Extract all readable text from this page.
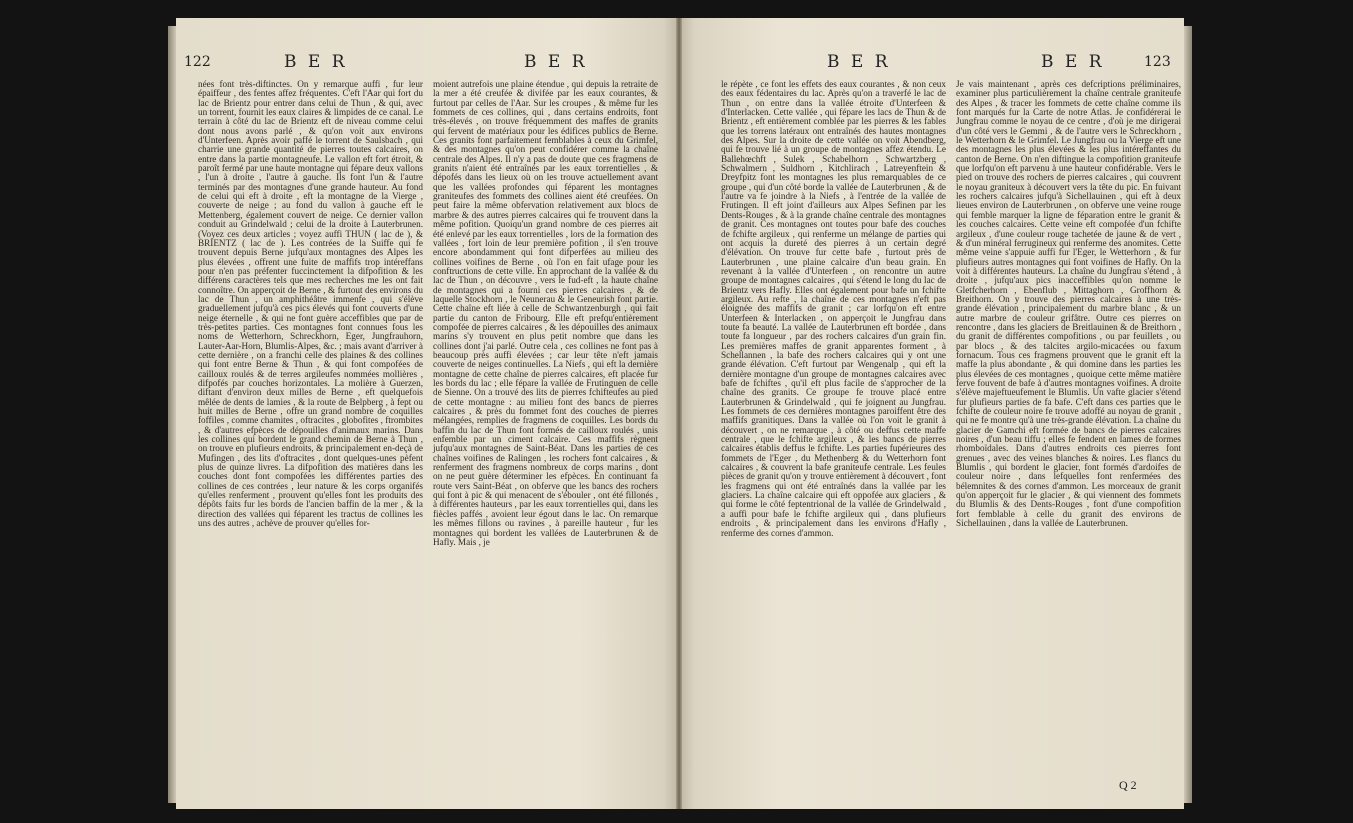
122	B E R	B E R
nées font très-diftinctes. On y remarque auffi , fur leur épaiffeur , des fentes affez fréquentes. C'eft l'Aar qui fort du lac de Brientz pour entrer dans celui de Thun , & qui, avec un torrent, fournit les eaux claires & limpides de ce canal. Le terrain à côté du lac de Brientz eft de niveau comme celui dont nous avons parlé , & qu'on voit aux environs d'Unterfeen. Après avoir paffé le torrent de Saulsbach , qui charrie une grande quantité de pierres toutes calcaires, on entre dans la partie montagneufe. Le vallon eft fort étroit, & paroît fermé par une haute montagne qui fépare deux vallons , l'un à droite , l'autre à gauche. Ils font l'un & l'autre terminés par des montagnes d'une grande hauteur. Au fond de celui qui eft à droite , eft la montagne de la Vierge , couverte de neige ; au fond du vallon à gauche eft le Mettenberg, également couvert de neige. Ce dernier vallon conduit au Grindelwald ; celui de la droite à Lauterbrunen. (Voyez ces deux articles ; voyez auffi THUN ( lac de ), & BRIENTZ ( lac de ). Les contrées de la Suiffe qui fe trouvent depuis Berne jufqu'aux montagnes des Alpes les plus élevées , offrent une fuite de maffifs trop intéreffans pour n'en pas préfenter fuccinctement la difpofition & les différens caractères tels que mes recherches me les ont fait connoître. On apperçoit de Berne , & furtout des environs du lac de Thun , un amphithéâtre immenfe , qui s'élève graduellement jufqu'à ces pics élevés qui font couverts d'une neige éternelle , & qui ne font guère acceffibles que par de très-petites parties. Ces montagnes font connues fous les noms de Wetterhorn, Schreckhorn, Eger, Jungfrauhorn, Lauter-Aar-Horn, Blumlis-Alpes, &c. ; mais avant d'arriver à cette dernière , on a franchi celle des plaines & des collines qui font entre Berne & Thun , & qui font compofées de cailloux roulés & de terres argileufes nommées mollières , difpofés par couches horizontales. La molière à Guerzen, diftant d'environ deux milles de Berne , eft quelquefois mêlée de dents de lamies , & la route de Belpberg , à fept ou huit milles de Berne , offre un grand nombre de coquilles foffiles , comme chamites , oftracites , globofites , ftrombites , & d'autres efpèces de dépouilles d'animaux marins. Dans les collines qui bordent le grand chemin de Berne à Thun , on trouve en plufieurs endroits, & principalement en-deçà de Mufingen , des lits d'oftracites , dont quelques-unes pèfent plus de quinze livres. La difpofition des matières dans les couches dont font compofées les différentes parties des collines de ces contrées , leur nature & les corps organifés qu'elles renferment , prouvent qu'elles font les produits des dépôts faits fur les bords de l'ancien baffin de la mer , & la direction des vallées qui féparent les tractus de collines les uns des autres , achève de prouver qu'elles for-
moient autrefois une plaine étendue , qui depuis la retraite de la mer a été creufée & divifée par les eaux courantes, & furtout par celles de l'Aar. Sur les croupes , & même fur les fommets de ces collines, qui , dans certains endroits, font très-élevés , on trouve fréquemment des maffes de granits qui fervent de matériaux pour les édifices publics de Berne. Ces granits font parfaitement femblables à ceux du Grimfel, & des montagnes qu'on peut confidérer comme la chaîne centrale des Alpes. Il n'y a pas de doute que ces fragmens de granits n'aient été entraînés par les eaux torrentielles , & dépofés dans les lieux où on les trouve actuellement avant que les vallées profondes qui féparent les montagnes graniteufes des fommets des collines aient été creufées. On peut faire la même obfervation relativement aux blocs de marbre & des autres pierres calcaires qui fe trouvent dans la même pofition. Quoiqu'un grand nombre de ces pierres ait été enlevé par les eaux torrentielles , lors de la formation des vallées , fort loin de leur première pofition , il s'en trouve encore abondamment qui font difperfées au milieu des collines voifines de Berne , où l'on en fait ufage pour les conftructions de cette ville. En approchant de la vallée & du lac de Thun , on découvre , vers le fud-eft , la haute chaîne de montagnes qui a fourni ces pierres calcaires , & de laquelle Stockhorn , le Neunerau & le Geneurish font partie. Cette chaîne eft liée à celle de Schwantzenburgh , qui fait partie du canton de Fribourg. Elle eft prefqu'entièrement compofée de pierres calcaires , & les dépouilles des animaux marins s'y trouvent en plus petit nombre que dans les collines dont j'ai parlé. Outre cela , ces collines ne font pas à beaucoup près auffi élevées ; car leur tête n'eft jamais couverte de neiges continuelles. La Niefs , qui eft la dernière montagne de cette chaîne de pierres calcaires, eft placée fur les bords du lac ; elle fépare la vallée de Frutinguen de celle de Sienne. On a trouvé des lits de pierres fchifteufes au pied de cette montagne : au milieu font des bancs de pierres calcaires , & près du fommet font des couches de pierres mélangées, remplies de fragmens de coquilles. Les bords du baffin du lac de Thun font formés de cailloux roulés , unis enfemble par un ciment calcaire. Ces maffifs règnent jufqu'aux montagnes de Saint-Béat. Dans les parties de ces chaînes voifines de Ralingen , les rochers font calcaires , & renferment des fragmens nombreux de corps marins , dont on ne peut guère déterminer les efpèces. En continuant fa route vers Saint-Béat , on obferve que les bancs des rochers qui font à pic & qui menacent de s'ébouler , ont été fillonés , à différentes hauteurs , par les eaux torrentielles qui, dans les fiècles paffés , avoient leur égout dans le lac. On remarque les mêmes fillons ou ravines , à pareille hauteur , fur les montagnes qui bordent les vallées de Lauterbrunen & de Hafly. Mais , je
B E R	B E R	123
le répète , ce font les effets des eaux courantes , & non ceux des eaux fédentaires du lac. Après qu'on a traverfé le lac de Thun , on entre dans la vallée étroite d'Unterfeen & d'Interlacken. Cette vallée , qui fépare les lacs de Thun & de Brientz , eft entièrement comblée par les pierres & les fables que les torrens latéraux ont entraînés des hautes montagnes des Alpes. Sur la droite de cette vallée on voit Abendberg, qui fe trouve lié à un groupe de montagnes affez étendu. Le Ballehœchft , Sulek , Schabelhorn , Schwartzberg , Schwalmern , Suldhorn , Kitchlirach , Latreyenftein & Dreyfpitz font les montagnes les plus remarquables de ce groupe , qui d'un côté borde la vallée de Lauterbrunen , & de l'autre va fe joindre à la Niefs , à l'entrée de la vallée de Frutingen. Il eft joint d'ailleurs aux Alpes Sefinen par les Dents-Rouges , & à la grande chaîne centrale des montagnes de granit. Ces montagnes ont toutes pour bafe des couches de fchifte argileux , qui renferme un mélange de parties qui ont acquis la dureté des pierres à un certain degré d'élévation. On trouve fur cette bafe , furtout près de Lauterbrunen , une plaine calcaire d'un beau grain. En revenant à la vallée d'Unterfeen , on rencontre un autre groupe de montagnes calcaires , qui s'étend le long du lac de Brientz vers Hafly. Elles ont également pour bafe un fchifte argileux. Au refte , la chaîne de ces montagnes n'eft pas éloignée des maffifs de granit ; car lorfqu'on eft entre Unterfeen & Interlacken , on apperçoit le Jungfrau dans toute fa beauté. La vallée de Lauterbrunen eft bordée , dans toute fa longueur , par des rochers calcaires d'un grain fin. Les premières maffes de granit apparentes forment , à Schellannen , la bafe des rochers calcaires qui y ont une grande élévation. C'eft furtout par Wengenalp , qui eft la dernière montagne d'un groupe de montagnes calcaires avec bafe de fchiftes , qu'il eft plus facile de s'approcher de la chaîne des granits. Ce groupe fe trouve placé entre Lauterbrunen & Grindelwald , qui fe joignent au Jungfrau. Les fommets de ces dernières montagnes paroiffent être des maffifs granitiques. Dans la vallée où l'on voit le granit à découvert , on ne remarque , à côté ou deffus cette maffe centrale , que le fchifte argileux , & les bancs de pierres calcaires établis deffus le fchifte. Les parties fupérieures des fommets de l'Eger , du Methenberg & du Wetterhorn font calcaires , & couvrent la bafe graniteufe centrale. Les feules pièces de granit qu'on y trouve entièrement à découvert , font les fragmens qui ont été entraînés dans la vallée par les glaciers. La chaîne calcaire qui eft oppofée aux glaciers , & qui forme le côté feptentrional de la vallée de Grindelwald , a auffi pour bafe le fchifte argileux qui , dans plufieurs endroits , & principalement dans les environs d'Hafly , renferme des cornes d'ammon.
Je vais maintenant , après ces defcriptions préliminaires, examiner plus particulièrement la chaîne centrale graniteufe des Alpes , & tracer les fommets de cette chaîne comme ils font marqués fur la Carte de notre Atlas. Je confidérerai le Jungfrau comme le noyau de ce centre , d'où je me dirigerai d'un côté vers le Gemmi , & de l'autre vers le Schreckhorn , le Wetterhorn & le Grimfel. Le Jungfrau ou la Vierge eft une des montagnes les plus élevées & les plus intéreffantes du canton de Berne. On n'en diftingue la compofition graniteufe que lorfqu'on eft parvenu à une hauteur confidérable. Vers le pied on trouve des rochers de pierres calcaires , qui couvrent le noyau graniteux à découvert vers la tête du pic. En fuivant les rochers calcaires jufqu'à Sichellauinen , qui eft à deux lieues environ de Lauterbrunen , on obferve une veine rouge qui femble marquer la ligne de féparation entre le granit & les couches calcaires. Cette veine eft compofée d'un fchifte argileux , d'une couleur rouge tachetée de jaune & de vert , & d'un minéral ferrugineux qui renferme des anomites. Cette même veine s'appuie auffi fur l'Eger, le Wetterhorn , & fur plufieurs autres montagnes qui font voifines de Hafly. On la voit à différentes hauteurs. La chaîne du Jungfrau s'étend , à droite , jufqu'aux pics inacceffibles qu'on nomme le Gletfcherhorn , Ebenflub , Mittaghorn , Groffhorn & Breithorn. On y trouve des pierres calcaires à une très-grande élévation , principalement du marbre blanc , & un autre marbre de couleur grifâtre. Outre ces pierres on rencontre , dans les glaciers de Breitlauinen & de Breithorn , du granit de différentes compofitions , ou par feuillets , ou par blocs , & des talcites argilo-micacées ou faxum fornacum. Tous ces fragmens prouvent que le granit eft la maffe la plus abondante , & qui domine dans les parties les plus élevées de ces montagnes , quoique cette même matière ferve fouvent de bafe à d'autres montagnes voifines. A droite s'élève majeftueufement le Blumlis. Un vafte glacier s'étend fur plufieurs parties de fa bafe. C'eft dans ces parties que le fchifte de couleur noire fe trouve adoffé au noyau de granit , qui ne fe montre qu'à une très-grande élévation. La chaîne du glacier de Gamchi eft formée de bancs de pierres calcaires noires , d'un beau tiffu ; elles fe fendent en lames de formes rhomboïdales. Dans d'autres endroits ces pierres font grenues , avec des veines blanches & noires. Les flancs du Blumlis , qui bordent le glacier, font formés d'ardoifes de couleur noire , dans lefquelles font renfermées des bélemnites & des cornes d'ammon. Les morceaux de granit qu'on apperçoit fur le glacier , & qui viennent des fommets du Blumlis & des Dents-Rouges , font d'une compofition fort femblable à celle du granit des environs de Sichellauinen , dans la vallée de Lauterbrunen.
Q 2
